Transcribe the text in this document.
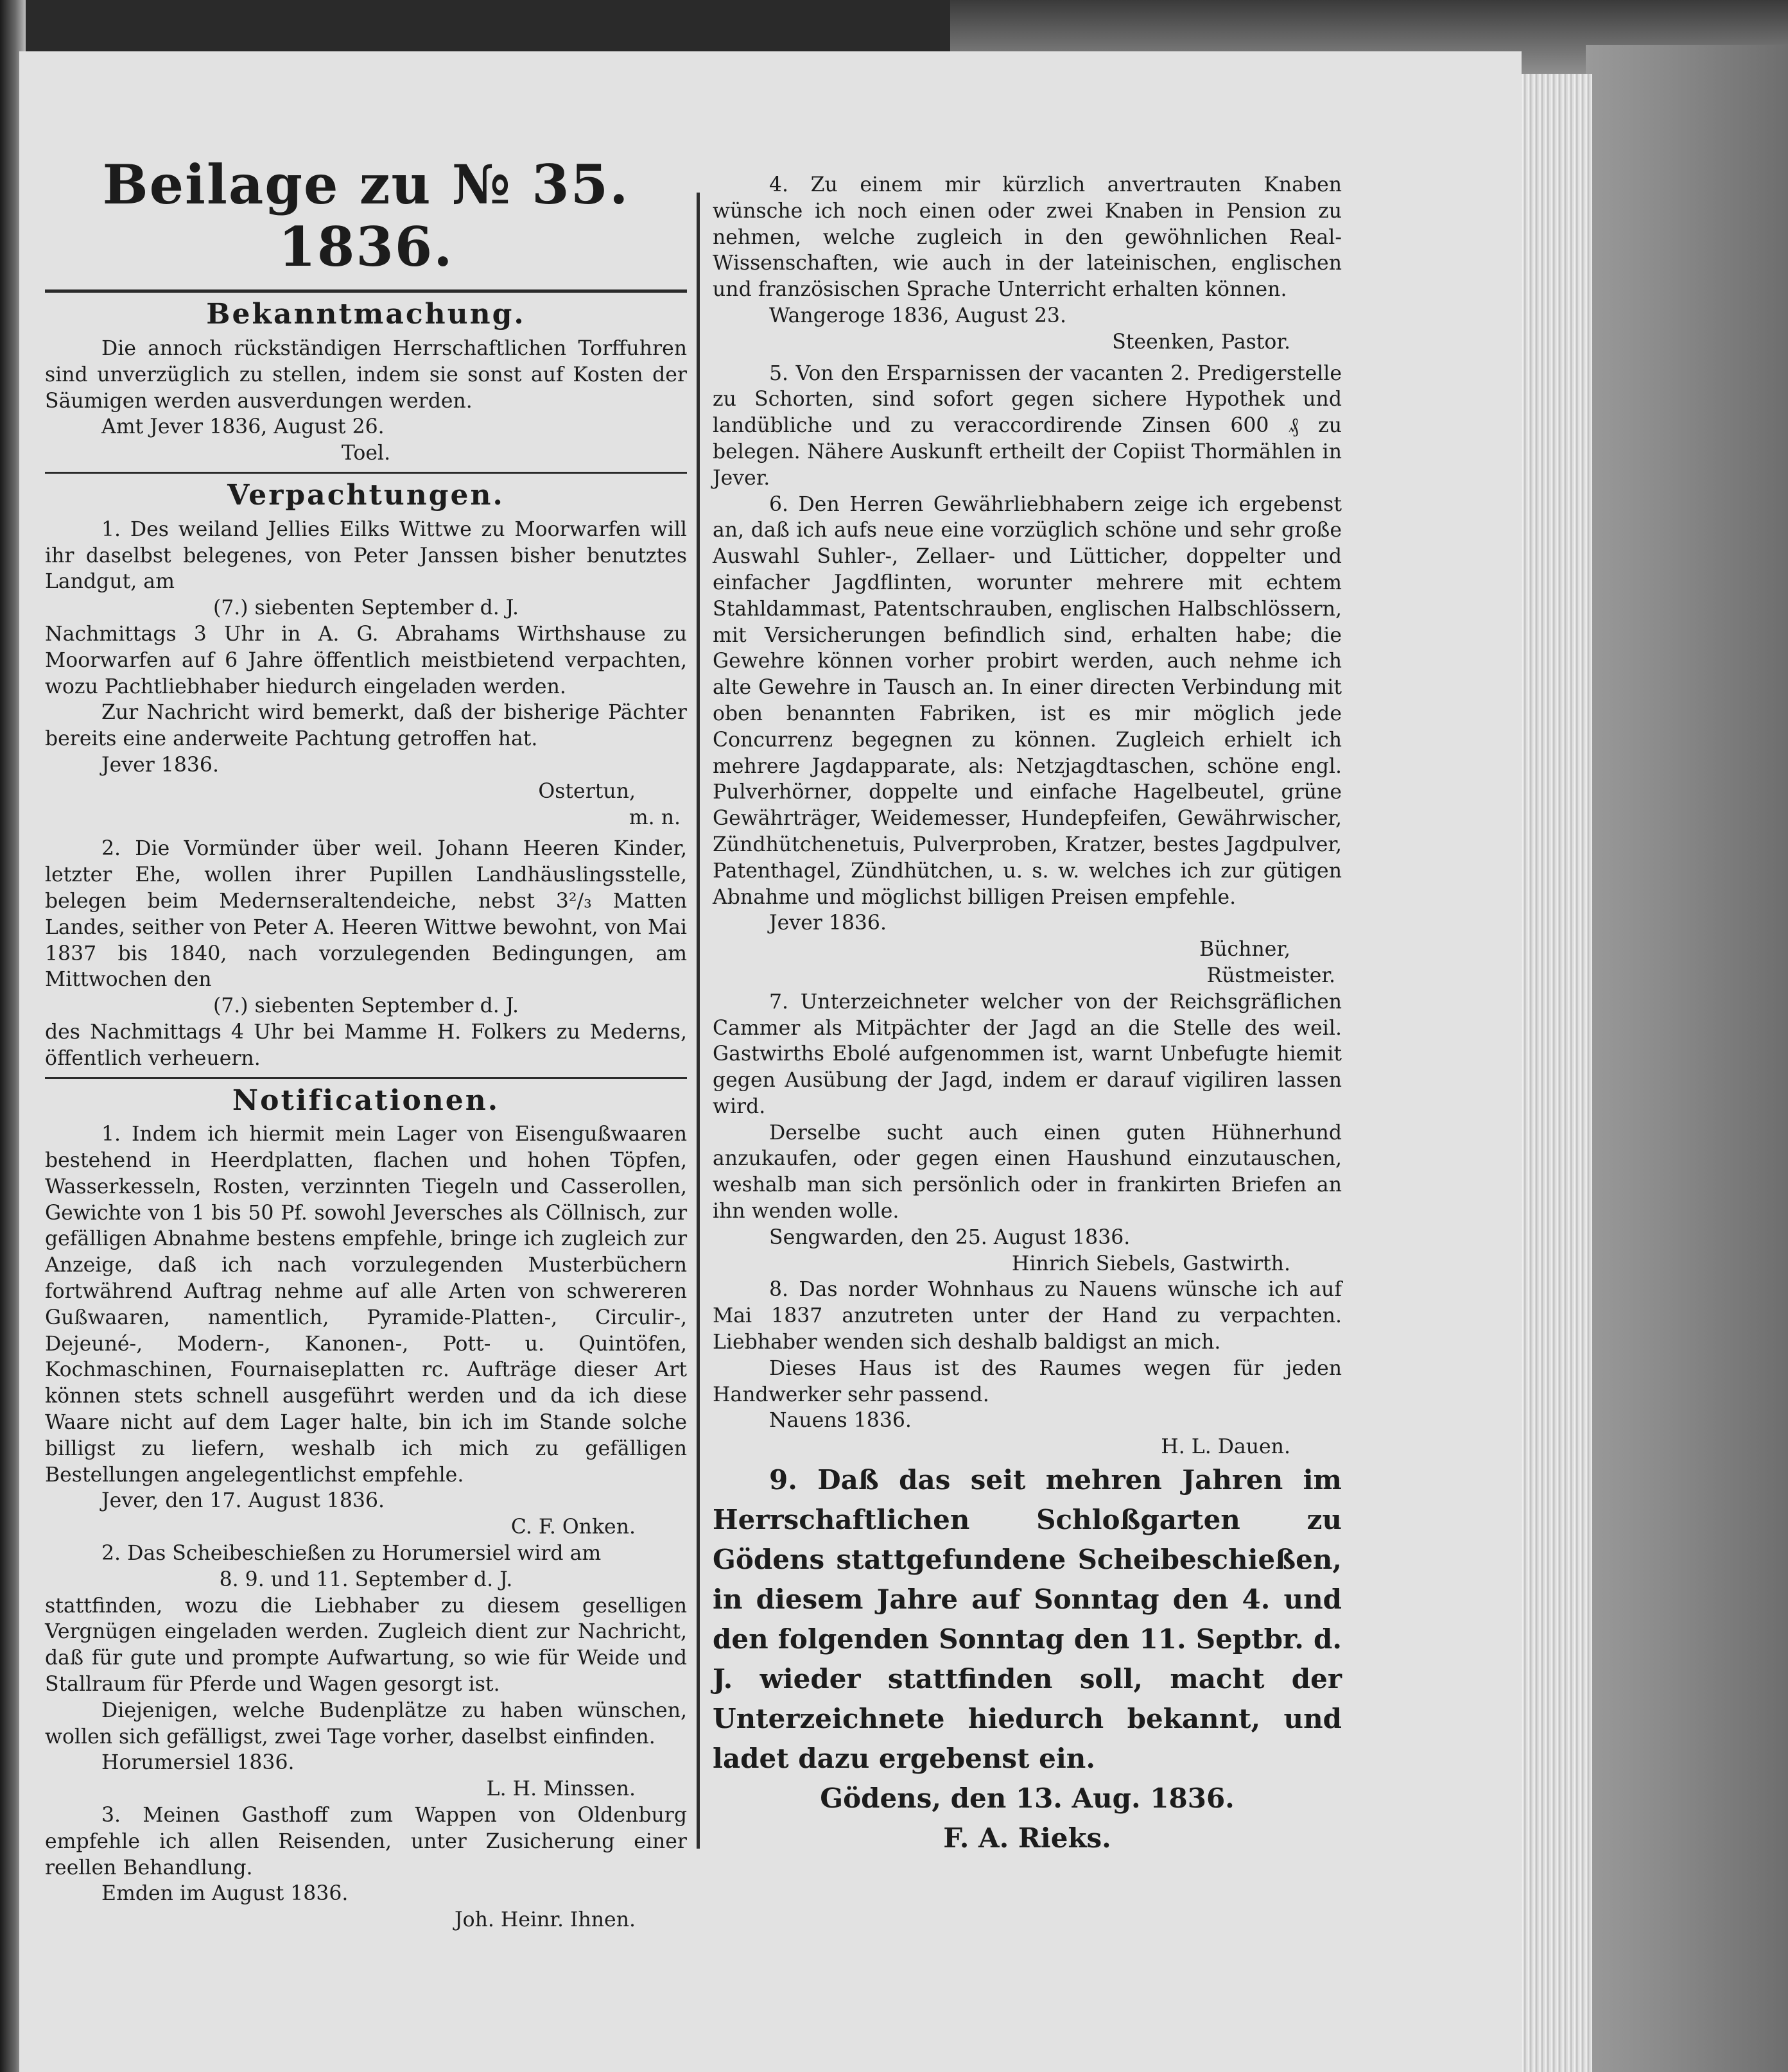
Beilage zu № 35. 1836.
Bekanntmachung.

Die annoch rückständigen Herrschaftlichen Torffuhren sind unverzüglich zu stellen, indem sie sonst auf Kosten der Säumigen werden ausverdungen werden.

Amt Jever 1836, August 26.

Toel.

Verpachtungen.

1. Des weiland Jellies Eilks Wittwe zu Moorwarfen will ihr daselbst belegenes, von Peter Janssen bisher benutztes Landgut, am

(7.) siebenten September d. J.

Nachmittags 3 Uhr in A. G. Abrahams Wirthshause zu Moorwarfen auf 6 Jahre öffentlich meistbietend verpachten, wozu Pachtliebhaber hiedurch eingeladen werden.

Zur Nachricht wird bemerkt, daß der bisherige Pächter bereits eine anderweite Pachtung getroffen hat.

Jever 1836.

Ostertun,

m. n.

2. Die Vormünder über weil. Johann Heeren Kinder, letzter Ehe, wollen ihrer Pupillen Landhäuslingsstelle, belegen beim Medernseraltendeiche, nebst 3²/₃ Matten Landes, seither von Peter A. Heeren Wittwe bewohnt, von Mai 1837 bis 1840, nach vorzulegenden Bedingungen, am Mittwochen den

(7.) siebenten September d. J.

des Nachmittags 4 Uhr bei Mamme H. Folkers zu Mederns, öffentlich verheuern.

Notificationen.

1. Indem ich hiermit mein Lager von Eisengußwaaren bestehend in Heerdplatten, flachen und hohen Töpfen, Wasserkesseln, Rosten, verzinnten Tiegeln und Casserollen, Gewichte von 1 bis 50 Pf. sowohl Jeversches als Cöllnisch, zur gefälligen Abnahme bestens empfehle, bringe ich zugleich zur Anzeige, daß ich nach vorzulegenden Musterbüchern fortwährend Auftrag nehme auf alle Arten von schwereren Gußwaaren, namentlich, Pyramide-Platten-, Circulir-, Dejeuné-, Modern-, Kanonen-, Pott- u. Quintöfen, Kochmaschinen, Fournaiseplatten rc. Aufträge dieser Art können stets schnell ausgeführt werden und da ich diese Waare nicht auf dem Lager halte, bin ich im Stande solche billigst zu liefern, weshalb ich mich zu gefälligen Bestellungen angelegentlichst empfehle.

Jever, den 17. August 1836.

C. F. Onken.

2. Das Scheibeschießen zu Horumersiel wird am

8. 9. und 11. September d. J.

stattfinden, wozu die Liebhaber zu diesem geselligen Vergnügen eingeladen werden. Zugleich dient zur Nachricht, daß für gute und prompte Aufwartung, so wie für Weide und Stallraum für Pferde und Wagen gesorgt ist.

Diejenigen, welche Budenplätze zu haben wünschen, wollen sich gefälligst, zwei Tage vorher, daselbst einfinden.

Horumersiel 1836.

L. H. Minssen.

3. Meinen Gasthoff zum Wappen von Oldenburg empfehle ich allen Reisenden, unter Zusicherung einer reellen Behandlung.

Emden im August 1836.

Joh. Heinr. Ihnen.

4. Zu einem mir kürzlich anvertrauten Knaben wünsche ich noch einen oder zwei Knaben in Pension zu nehmen, welche zugleich in den gewöhnlichen Real-Wissenschaften, wie auch in der lateinischen, englischen und französischen Sprache Unterricht erhalten können.

Wangeroge 1836, August 23.

Steenken, Pastor.

5. Von den Ersparnissen der vacanten 2. Predigerstelle zu Schorten, sind sofort gegen sichere Hypothek und landübliche und zu veraccordirende Zinsen 600 ₰ zu belegen. Nähere Auskunft ertheilt der Copiist Thormählen in Jever.

6. Den Herren Gewährliebhabern zeige ich ergebenst an, daß ich aufs neue eine vorzüglich schöne und sehr große Auswahl Suhler-, Zellaer- und Lütticher, doppelter und einfacher Jagdflinten, worunter mehrere mit echtem Stahldammast, Patentschrauben, englischen Halbschlössern, mit Versicherungen befindlich sind, erhalten habe; die Gewehre können vorher probirt werden, auch nehme ich alte Gewehre in Tausch an. In einer directen Verbindung mit oben benannten Fabriken, ist es mir möglich jede Concurrenz begegnen zu können. Zugleich erhielt ich mehrere Jagdapparate, als: Netzjagdtaschen, schöne engl. Pulverhörner, doppelte und einfache Hagelbeutel, grüne Gewährträger, Weidemesser, Hundepfeifen, Gewährwischer, Zündhütchenetuis, Pulverproben, Kratzer, bestes Jagdpulver, Patenthagel, Zündhütchen, u. s. w. welches ich zur gütigen Abnahme und möglichst billigen Preisen empfehle.

Jever 1836.

Büchner,

Rüstmeister.

7. Unterzeichneter welcher von der Reichsgräflichen Cammer als Mitpächter der Jagd an die Stelle des weil. Gastwirths Ebolé aufgenommen ist, warnt Unbefugte hiemit gegen Ausübung der Jagd, indem er darauf vigiliren lassen wird.

Derselbe sucht auch einen guten Hühnerhund anzukaufen, oder gegen einen Haushund einzutauschen, weshalb man sich persönlich oder in frankirten Briefen an ihn wenden wolle.

Sengwarden, den 25. August 1836.

Hinrich Siebels, Gastwirth.

8. Das norder Wohnhaus zu Nauens wünsche ich auf Mai 1837 anzutreten unter der Hand zu verpachten. Liebhaber wenden sich deshalb baldigst an mich.

Dieses Haus ist des Raumes wegen für jeden Handwerker sehr passend.

Nauens 1836.

H. L. Dauen.

9. Daß das seit mehren Jahren im Herrschaftlichen Schloßgarten zu Gödens stattgefundene Scheibeschießen, in diesem Jahre auf Sonntag den 4. und den folgenden Sonntag den 11. Septbr. d. J. wieder stattfinden soll, macht der Unterzeichnete hiedurch bekannt, und ladet dazu ergebenst ein.

Gödens, den 13. Aug. 1836.

F. A. Rieks.
